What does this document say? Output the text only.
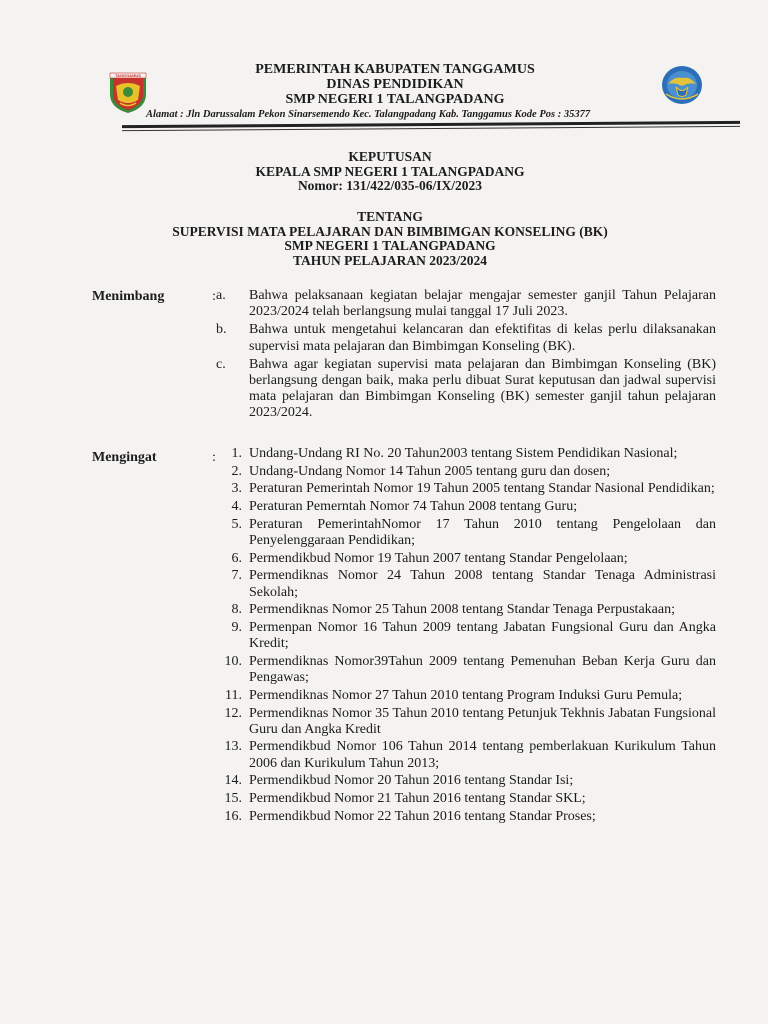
TANGGAMUS	PEMERINTAH KABUPATEN TANGGAMUS
DINAS PENDIDIKAN
SMP NEGERI 1 TALANGPADANG
Alamat : Jln Darussalam Pekon Sinarsemendo Kec. Talangpadang Kab. Tanggamus Kode Pos : 35377
KEPUTUSAN
KEPALA SMP NEGERI 1 TALANGPADANG
Nomor: 131/422/035-06/IX/2023
TENTANG
SUPERVISI MATA PELAJARAN DAN BIMBIMGAN KONSELING (BK)
SMP NEGERI 1 TALANGPADANG
TAHUN PELAJARAN 2023/2024
Menimbang	: a.	Bahwa pelaksanaan kegiatan belajar mengajar semester ganjil Tahun Pelajaran 2023/2024 telah berlangsung mulai tanggal 17 Juli 2023.
b.	Bahwa untuk mengetahui kelancaran dan efektifitas di kelas perlu dilaksanakan supervisi mata pelajaran dan Bimbimgan Konseling (BK).
c.	Bahwa agar kegiatan supervisi mata pelajaran dan Bimbimgan Konseling (BK) berlangsung dengan baik, maka perlu dibuat Surat keputusan dan jadwal supervisi mata pelajaran dan Bimbimgan Konseling (BK) semester ganjil tahun pelajaran 2023/2024.
Mengingat	:	1. Undang-Undang RI No. 20 Tahun2003 tentang Sistem Pendidikan Nasional;
2. Undang-Undang Nomor 14 Tahun 2005 tentang guru dan dosen;
3. Peraturan Pemerintah Nomor 19 Tahun 2005 tentang Standar Nasional Pendidikan;
4. Peraturan Pemerntah Nomor 74 Tahun 2008 tentang Guru;
5. Peraturan PemerintahNomor 17 Tahun 2010 tentang Pengelolaan dan Penyelenggaraan Pendidikan;
6. Permendikbud Nomor 19 Tahun 2007 tentang Standar Pengelolaan;
7. Permendiknas Nomor 24 Tahun 2008 tentang Standar Tenaga Administrasi Sekolah;
8. Permendiknas Nomor 25 Tahun 2008 tentang Standar Tenaga Perpustakaan;
9. Permenpan Nomor 16 Tahun 2009 tentang Jabatan Fungsional Guru dan Angka Kredit;
10. Permendiknas Nomor39Tahun 2009 tentang Pemenuhan Beban Kerja Guru dan Pengawas;
11. Permendiknas Nomor 27 Tahun 2010 tentang Program Induksi Guru Pemula;
12. Permendiknas Nomor 35 Tahun 2010 tentang Petunjuk Tekhnis Jabatan Fungsional Guru dan Angka Kredit
13. Permendikbud Nomor 106 Tahun 2014 tentang pemberlakuan Kurikulum Tahun 2006 dan Kurikulum Tahun 2013;
14. Permendikbud Nomor 20 Tahun 2016 tentang Standar Isi;
15. Permendikbud Nomor 21 Tahun 2016 tentang Standar SKL;
16. Permendikbud Nomor 22 Tahun 2016 tentang Standar Proses;
